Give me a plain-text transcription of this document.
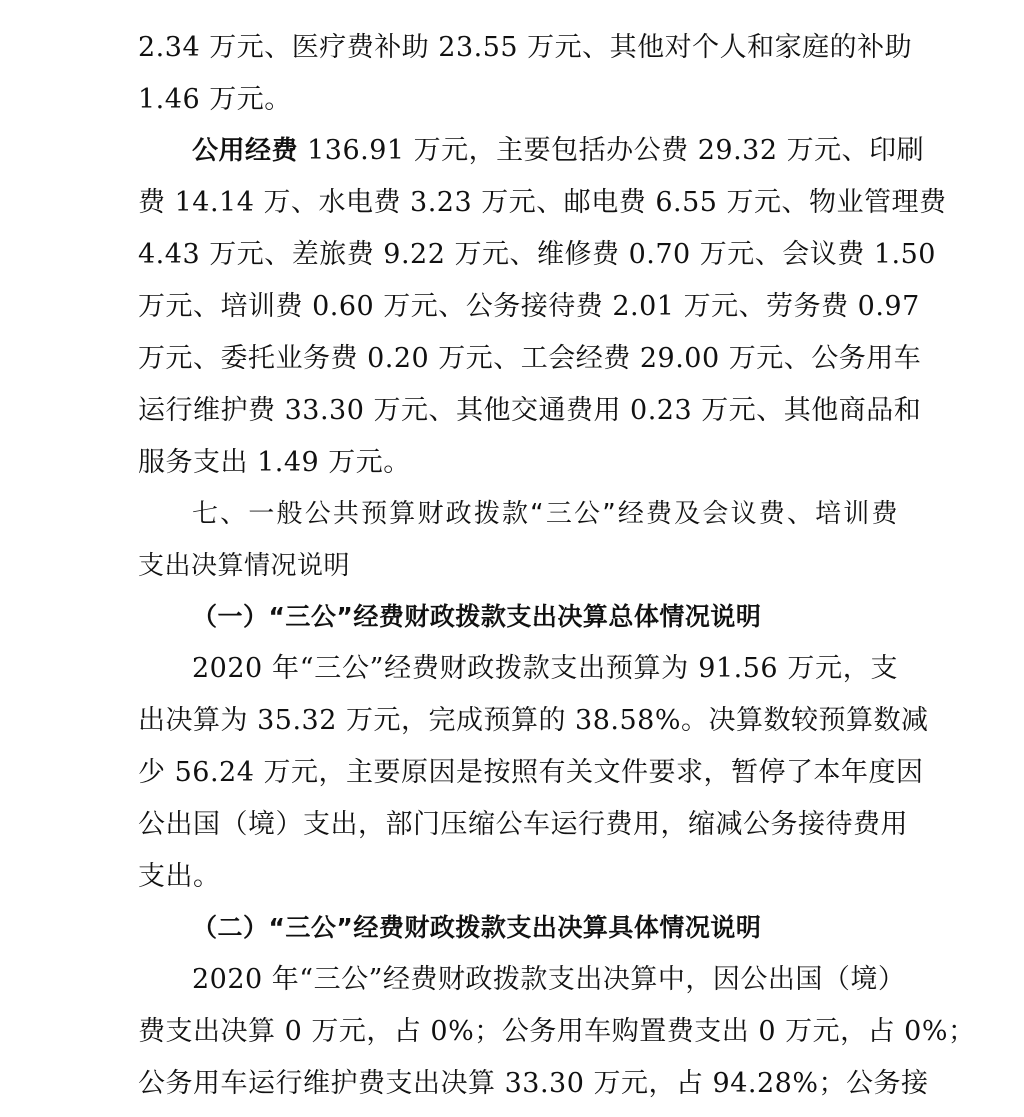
2.34 万元、医疗费补助 23.55 万元、其他对个人和家庭的补助
1.46 万元。
公用经费 136.91 万元，主要包括办公费 29.32 万元、印刷
费 14.14 万、水电费 3.23 万元、邮电费 6.55 万元、物业管理费
4.43 万元、差旅费 9.22 万元、维修费 0.70 万元、会议费 1.50
万元、培训费 0.60 万元、公务接待费 2.01 万元、劳务费 0.97
万元、委托业务费 0.20 万元、工会经费 29.00 万元、公务用车
运行维护费 33.30 万元、其他交通费用 0.23 万元、其他商品和
服务支出 1.49 万元。
七、一般公共预算财政拨款“三公”经费及会议费、培训费
支出决算情况说明
（一）“三公”经费财政拨款支出决算总体情况说明
2020 年“三公”经费财政拨款支出预算为 91.56 万元，支
出决算为 35.32 万元，完成预算的 38.58%。决算数较预算数减
少 56.24 万元，主要原因是按照有关文件要求，暂停了本年度因
公出国（境）支出，部门压缩公车运行费用，缩减公务接待费用
支出。
（二）“三公”经费财政拨款支出决算具体情况说明
2020 年“三公”经费财政拨款支出决算中，因公出国（境）
费支出决算 0 万元，占 0%；公务用车购置费支出 0 万元，占 0%；
公务用车运行维护费支出决算 33.30 万元，占 94.28%；公务接
